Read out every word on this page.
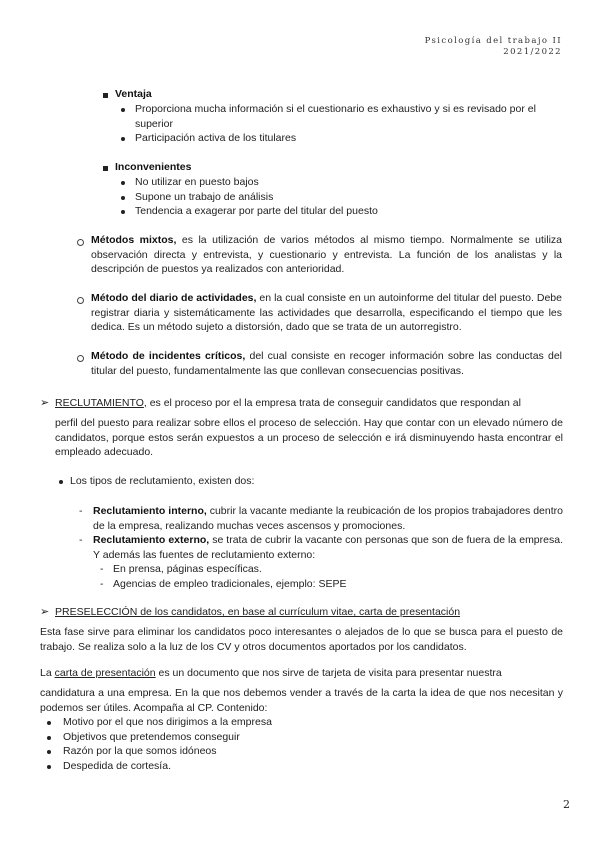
Psicología del trabajo II
2021/2022
Ventaja
Proporciona mucha información si el cuestionario es exhaustivo y si es revisado por el superior
Participación activa de los titulares
Inconvenientes
No utilizar en puesto bajos
Supone un trabajo de análisis
Tendencia a exagerar por parte del titular del puesto
Métodos mixtos, es la utilización de varios métodos al mismo tiempo. Normalmente se utiliza observación directa y entrevista, y cuestionario y entrevista. La función de los analistas y la descripción de puestos ya realizados con anterioridad.
Método del diario de actividades, en la cual consiste en un autoinforme del titular del puesto. Debe registrar diaria y sistemáticamente las actividades que desarrolla, especificando el tiempo que les dedica. Es un método sujeto a distorsión, dado que se trata de un autorregistro.
Método de incidentes críticos, del cual consiste en recoger información sobre las conductas del titular del puesto, fundamentalmente las que conllevan consecuencias positivas.
➢ RECLUTAMIENTO, es el proceso por el la empresa trata de conseguir candidatos que respondan al
perfil del puesto para realizar sobre ellos el proceso de selección. Hay que contar con un elevado número de candidatos, porque estos serán expuestos a un proceso de selección e irá disminuyendo hasta encontrar el empleado adecuado.
Los tipos de reclutamiento, existen dos:
- Reclutamiento interno, cubrir la vacante mediante la reubicación de los propios trabajadores dentro de la empresa, realizando muchas veces ascensos y promociones.
- Reclutamiento externo, se trata de cubrir la vacante con personas que son de fuera de la empresa. Y además las fuentes de reclutamiento externo:
- En prensa, páginas específicas.
- Agencias de empleo tradicionales, ejemplo: SEPE
➢ PRESELECCIÓN de los candidatos, en base al currículum vitae, carta de presentación
Esta fase sirve para eliminar los candidatos poco interesantes o alejados de lo que se busca para el puesto de trabajo. Se realiza solo a la luz de los CV y otros documentos aportados por los candidatos.
La carta de presentación es un documento que nos sirve de tarjeta de visita para presentar nuestra
candidatura a una empresa. En la que nos debemos vender a través de la carta la idea de que nos necesitan y podemos ser útiles. Acompaña al CP. Contenido:
Motivo por el que nos dirigimos a la empresa
Objetivos que pretendemos conseguir
Razón por la que somos idóneos
Despedida de cortesía.
2
